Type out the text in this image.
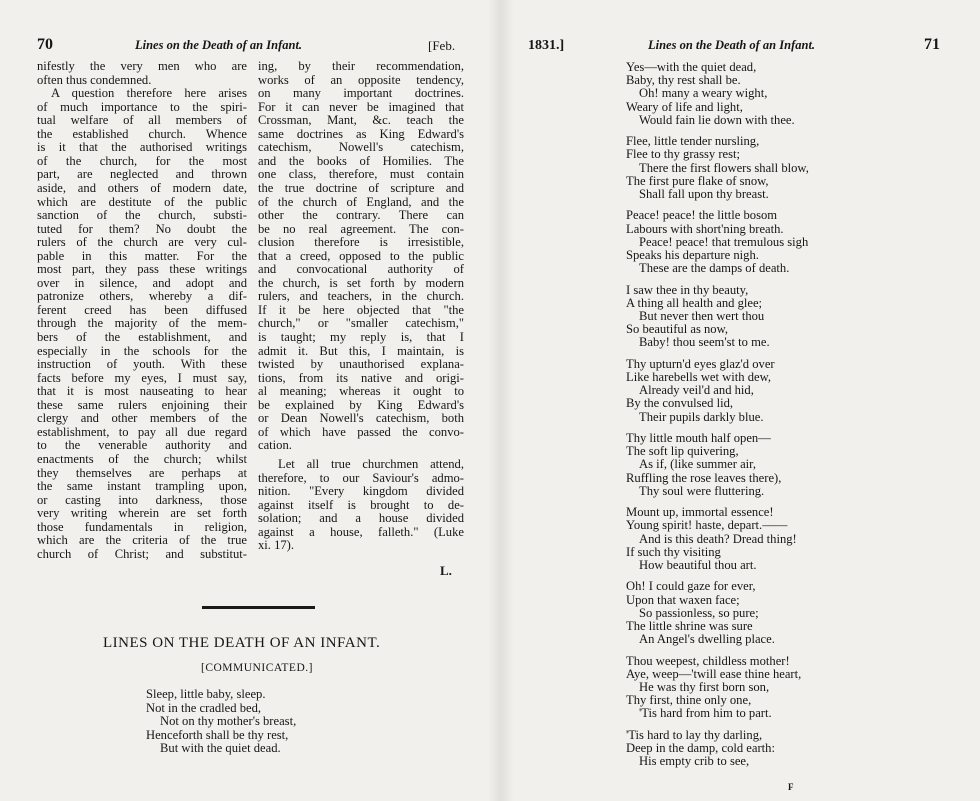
70	Lines on the Death of an Infant.	[Feb.
nifestly the very men who are
often thus condemned.
A question therefore here arises
of much importance to the spiri-
tual welfare of all members of
the established church. Whence
is it that the authorised writings
of the church, for the most
part, are neglected and thrown
aside, and others of modern date,
which are destitute of the public
sanction of the church, substi-
tuted for them? No doubt the
rulers of the church are very cul-
pable in this matter. For the
most part, they pass these writings
over in silence, and adopt and
patronize others, whereby a dif-
ferent creed has been diffused
through the majority of the mem-
bers of the establishment, and
especially in the schools for the
instruction of youth. With these
facts before my eyes, I must say,
that it is most nauseating to hear
these same rulers enjoining their
clergy and other members of the
establishment, to pay all due regard
to the venerable authority and
enactments of the church; whilst
they themselves are perhaps at
the same instant trampling upon,
or casting into darkness, those
very writing wherein are set forth
those fundamentals in religion,
which are the criteria of the true
church of Christ; and substitut-
ing, by their recommendation,
works of an opposite tendency,
on many important doctrines.
For it can never be imagined that
Crossman, Mant, &c. teach the
same doctrines as King Edward's
catechism, Nowell's catechism,
and the books of Homilies. The
one class, therefore, must contain
the true doctrine of scripture and
of the church of England, and the
other the contrary. There can
be no real agreement. The con-
clusion therefore is irresistible,
that a creed, opposed to the public
and convocational authority of
the church, is set forth by modern
rulers, and teachers, in the church.
If it be here objected that "the
church," or "smaller catechism,"
is taught; my reply is, that I
admit it. But this, I maintain, is
twisted by unauthorised explana-
tions, from its native and origi-
al meaning; whereas it ought to
be explained by King Edward's
or Dean Nowell's catechism, both
of which have passed the convo-
cation.
Let all true churchmen attend,
therefore, to our Saviour's admo-
nition. "Every kingdom divided
against itself is brought to de-
solation; and a house divided
against a house, falleth." (Luke
xi. 17).
L.
LINES ON THE DEATH OF AN INFANT.
[COMMUNICATED.]
Sleep, little baby, sleep.
Not in the cradled bed,
Not on thy mother's breast,
Henceforth shall be thy rest,
But with the quiet dead.
1831.]	Lines on the Death of an Infant.	71
Yes—with the quiet dead,
Baby, thy rest shall be.
Oh! many a weary wight,
Weary of life and light,
Would fain lie down with thee.
Flee, little tender nursling,
Flee to thy grassy rest;
There the first flowers shall blow,
The first pure flake of snow,
Shall fall upon thy breast.
Peace! peace! the little bosom
Labours with short'ning breath.
Peace! peace! that tremulous sigh
Speaks his departure nigh.
These are the damps of death.
I saw thee in thy beauty,
A thing all health and glee;
But never then wert thou
So beautiful as now,
Baby! thou seem'st to me.
Thy upturn'd eyes glaz'd over
Like harebells wet with dew,
Already veil'd and hid,
By the convulsed lid,
Their pupils darkly blue.
Thy little mouth half open—
The soft lip quivering,
As if, (like summer air,
Ruffling the rose leaves there),
Thy soul were fluttering.
Mount up, immortal essence!
Young spirit! haste, depart.——
And is this death? Dread thing!
If such thy visiting
How beautiful thou art.
Oh! I could gaze for ever,
Upon that waxen face;
So passionless, so pure;
The little shrine was sure
An Angel's dwelling place.
Thou weepest, childless mother!
Aye, weep—'twill ease thine heart,
He was thy first born son,
Thy first, thine only one,
'Tis hard from him to part.
'Tis hard to lay thy darling,
Deep in the damp, cold earth:
His empty crib to see,
F
